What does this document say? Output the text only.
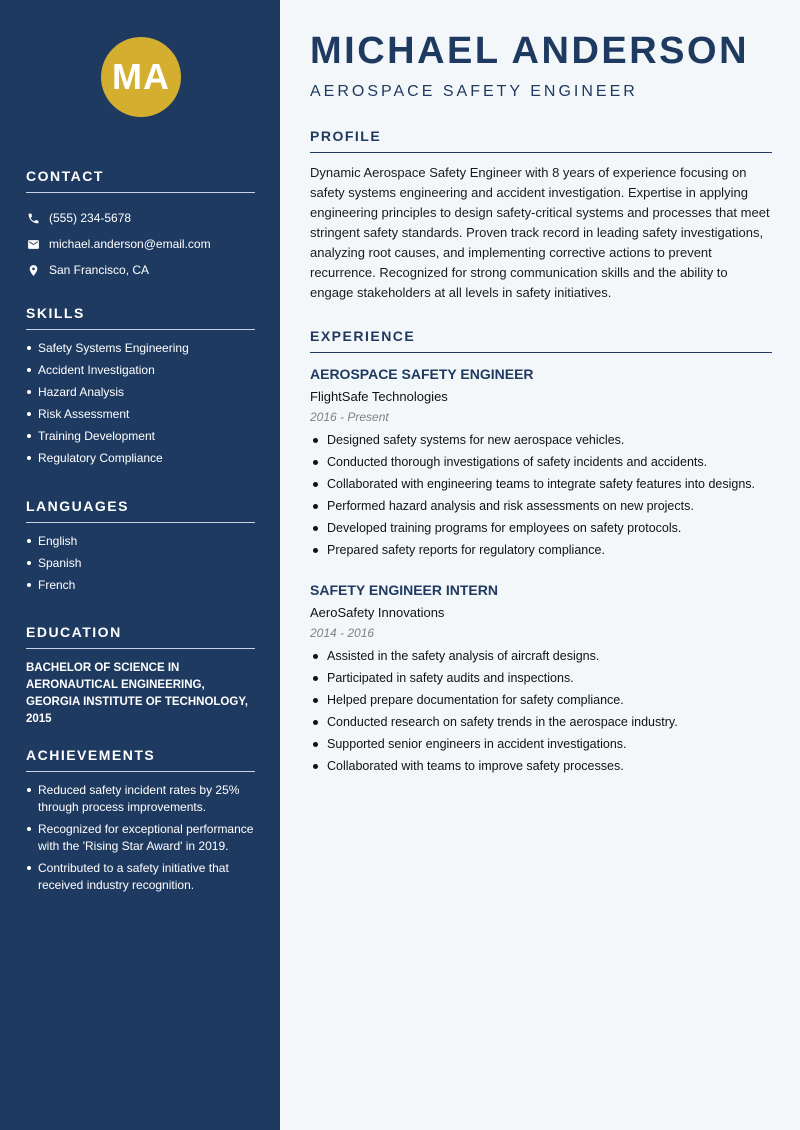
MA
CONTACT
(555) 234-5678
michael.anderson@email.com
San Francisco, CA
SKILLS
Safety Systems Engineering
Accident Investigation
Hazard Analysis
Risk Assessment
Training Development
Regulatory Compliance
LANGUAGES
English
Spanish
French
EDUCATION
BACHELOR OF SCIENCE IN AERONAUTICAL ENGINEERING, GEORGIA INSTITUTE OF TECHNOLOGY, 2015
ACHIEVEMENTS
Reduced safety incident rates by 25% through process improvements.
Recognized for exceptional performance with the 'Rising Star Award' in 2019.
Contributed to a safety initiative that received industry recognition.
MICHAEL ANDERSON
AEROSPACE SAFETY ENGINEER
PROFILE

Dynamic Aerospace Safety Engineer with 8 years of experience focusing on safety systems engineering and accident investigation. Expertise in applying engineering principles to design safety-critical systems and processes that meet stringent safety standards. Proven track record in leading safety investigations, analyzing root causes, and implementing corrective actions to prevent recurrence. Recognized for strong communication skills and the ability to engage stakeholders at all levels in safety initiatives.

EXPERIENCE
AEROSPACE SAFETY ENGINEER
FlightSafe Technologies
2016 - Present
Designed safety systems for new aerospace vehicles.
Conducted thorough investigations of safety incidents and accidents.
Collaborated with engineering teams to integrate safety features into designs.
Performed hazard analysis and risk assessments on new projects.
Developed training programs for employees on safety protocols.
Prepared safety reports for regulatory compliance.
SAFETY ENGINEER INTERN
AeroSafety Innovations
2014 - 2016
Assisted in the safety analysis of aircraft designs.
Participated in safety audits and inspections.
Helped prepare documentation for safety compliance.
Conducted research on safety trends in the aerospace industry.
Supported senior engineers in accident investigations.
Collaborated with teams to improve safety processes.
